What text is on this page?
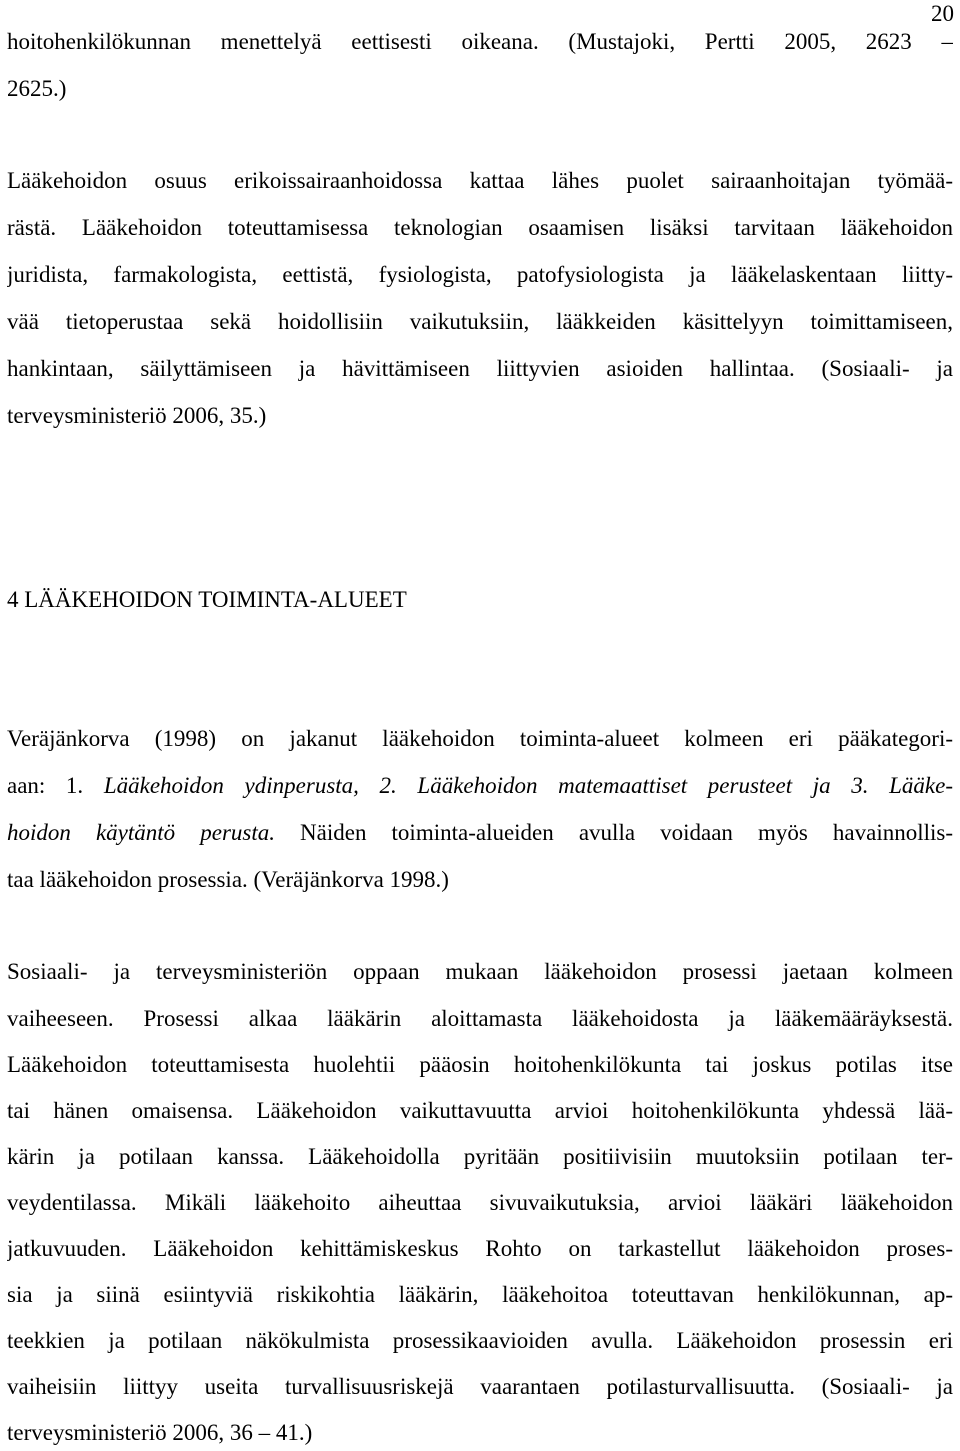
20
hoitohenkilökunnan menettelyä eettisesti oikeana. (Mustajoki, Pertti 2005, 2623 –
2625.)
Lääkehoidon osuus erikoissairaanhoidossa kattaa lähes puolet sairaanhoitajan työmää-
rästä. Lääkehoidon toteuttamisessa teknologian osaamisen lisäksi tarvitaan lääkehoidon
juridista, farmakologista, eettistä, fysiologista, patofysiologista ja lääkelaskentaan liitty-
vää tietoperustaa sekä hoidollisiin vaikutuksiin, lääkkeiden käsittelyyn toimittamiseen,
hankintaan, säilyttämiseen ja hävittämiseen liittyvien asioiden hallintaa. (Sosiaali- ja
terveysministeriö 2006, 35.)
4 LÄÄKEHOIDON TOIMINTA-ALUEET
Veräjänkorva (1998) on jakanut lääkehoidon toiminta-alueet kolmeen eri pääkategori-
aan: 1. Lääkehoidon ydinperusta, 2. Lääkehoidon matemaattiset perusteet ja 3. Lääke-
hoidon käytäntö perusta. Näiden toiminta-alueiden avulla voidaan myös havainnollis-
taa lääkehoidon prosessia. (Veräjänkorva 1998.)
Sosiaali- ja terveysministeriön oppaan mukaan lääkehoidon prosessi jaetaan kolmeen
vaiheeseen. Prosessi alkaa lääkärin aloittamasta lääkehoidosta ja lääkemääräyksestä.
Lääkehoidon toteuttamisesta huolehtii pääosin hoitohenkilökunta tai joskus potilas itse
tai hänen omaisensa. Lääkehoidon vaikuttavuutta arvioi hoitohenkilökunta yhdessä lää-
kärin ja potilaan kanssa. Lääkehoidolla pyritään positiivisiin muutoksiin potilaan ter-
veydentilassa. Mikäli lääkehoito aiheuttaa sivuvaikutuksia, arvioi lääkäri lääkehoidon
jatkuvuuden. Lääkehoidon kehittämiskeskus Rohto on tarkastellut lääkehoidon proses-
sia ja siinä esiintyviä riskikohtia lääkärin, lääkehoitoa toteuttavan henkilökunnan, ap-
teekkien ja potilaan näkökulmista prosessikaavioiden avulla. Lääkehoidon prosessin eri
vaiheisiin liittyy useita turvallisuusriskejä vaarantaen potilasturvallisuutta. (Sosiaali- ja
terveysministeriö 2006, 36 – 41.)
